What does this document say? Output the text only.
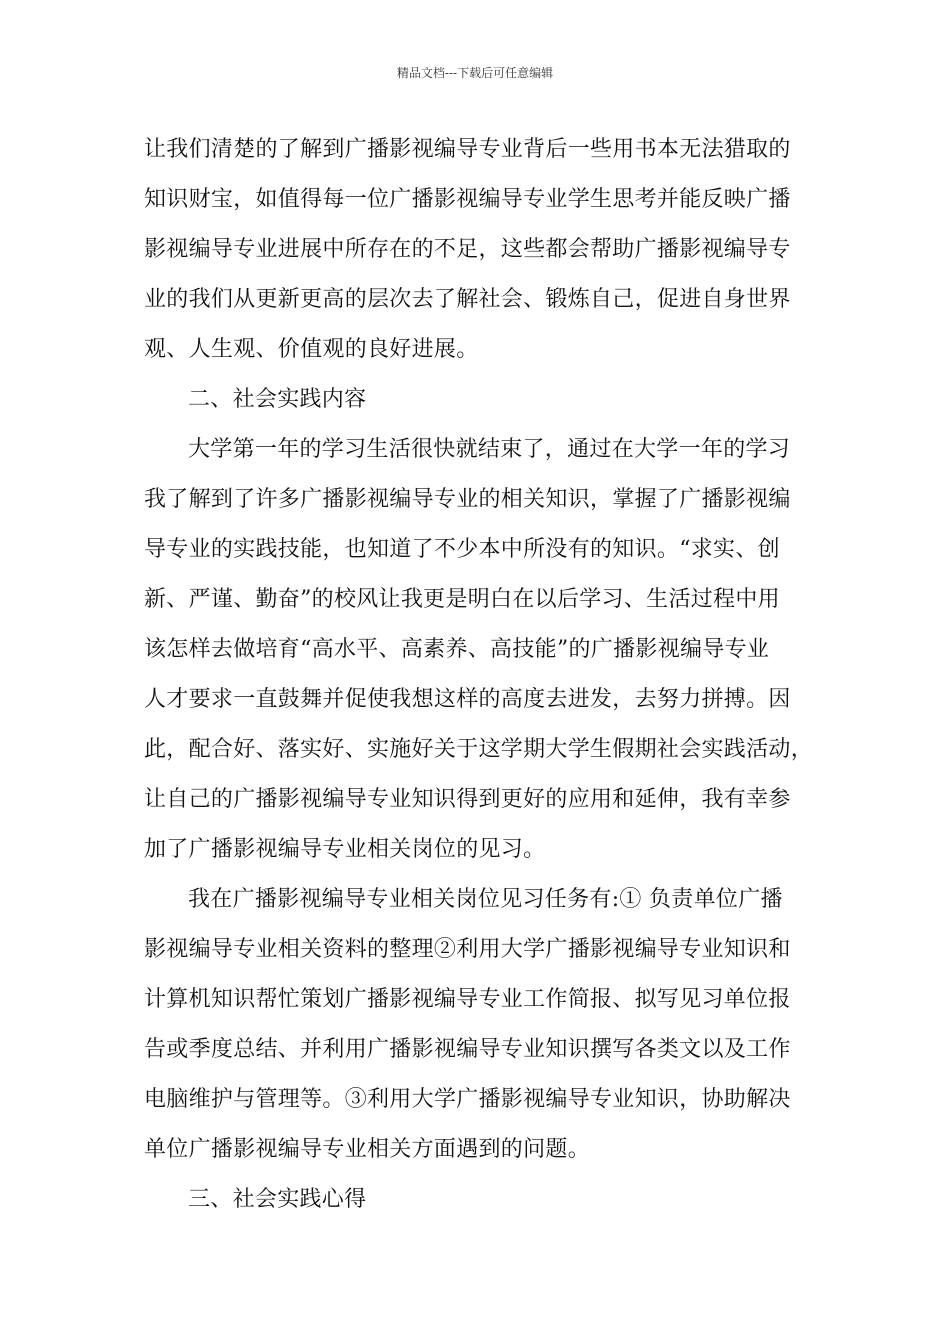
精品文档---下载后可任意编辑
让我们清楚的了解到广播影视编导专业背后一些用书本无法猎取的
知识财宝，如值得每一位广播影视编导专业学生思考并能反映广播
影视编导专业进展中所存在的不足，这些都会帮助广播影视编导专
业的我们从更新更高的层次去了解社会、锻炼自己，促进自身世界
观、人生观、价值观的良好进展。
二、社会实践内容
大学第一年的学习生活很快就结束了，通过在大学一年的学习
我了解到了许多广播影视编导专业的相关知识，掌握了广播影视编
导专业的实践技能，也知道了不少本中所没有的知识。“求实、创
新、严谨、勤奋”的校风让我更是明白在以后学习、生活过程中用
该怎样去做培育“高水平、高素养、高技能”的广播影视编导专业
人才要求一直鼓舞并促使我想这样的高度去进发，去努力拼搏。因
此，配合好、落实好、实施好关于这学期大学生假期社会实践活动，
让自己的广播影视编导专业知识得到更好的应用和延伸，我有幸参
加了广播影视编导专业相关岗位的见习。
我在广播影视编导专业相关岗位见习任务有:① 负责单位广播
影视编导专业相关资料的整理②利用大学广播影视编导专业知识和
计算机知识帮忙策划广播影视编导专业工作简报、拟写见习单位报
告或季度总结、并利用广播影视编导专业知识撰写各类文以及工作
电脑维护与管理等。③利用大学广播影视编导专业知识，协助解决
单位广播影视编导专业相关方面遇到的问题。
三、社会实践心得
